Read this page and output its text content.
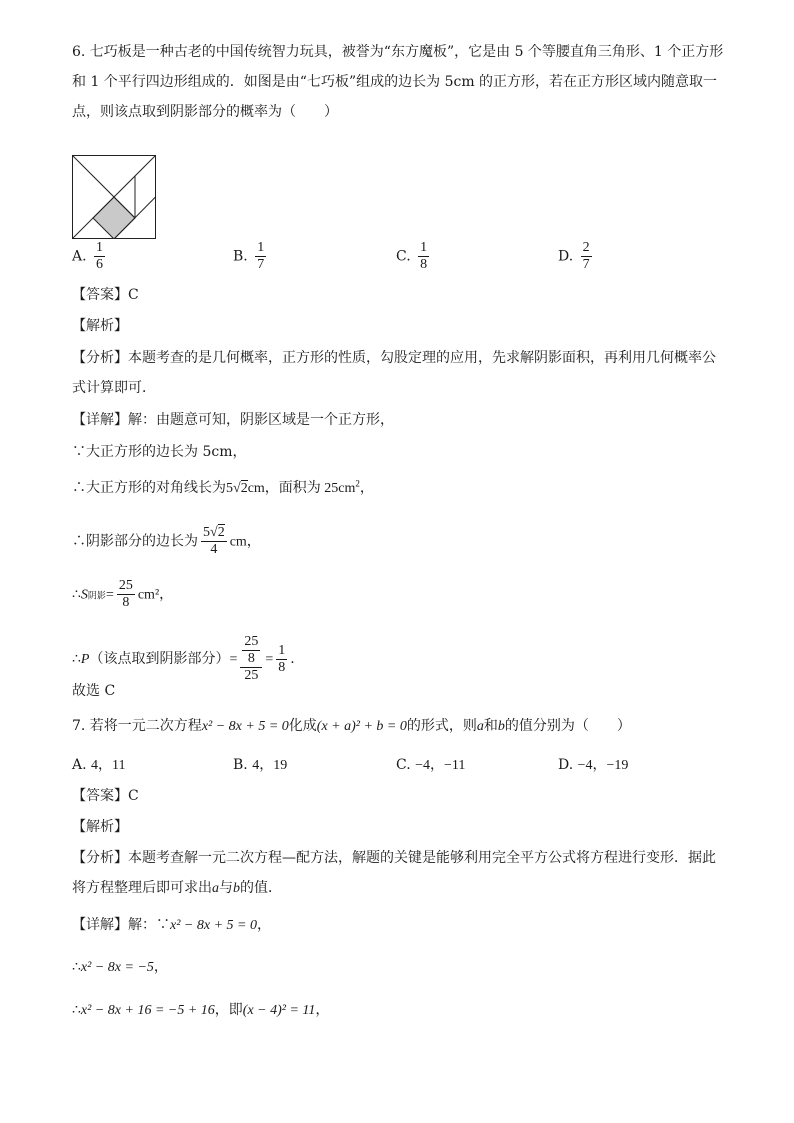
6. 七巧板是一种古老的中国传统智力玩具，被誉为“东方魔板”，它是由 5 个等腰直角三角形、1 个正方形
和 1 个平行四边形组成的．如图是由“七巧板”组成的边长为 5cm 的正方形，若在正方形区域内随意取一
点，则该点取到阴影部分的概率为（　　）
A. $\frac{1}{6}$	B. $\frac{1}{7}$	C. $\frac{1}{8}$	D. $\frac{2}{7}$
【答案】C
【解析】
【分析】本题考查的是几何概率，正方形的性质，勾股定理的应用，先求解阴影面积，再利用几何概率公
式计算即可．
【详解】解：由题意可知，阴影区域是一个正方形，
∵大正方形的边长为 5cm，
∴大正方形的对角线长为5√2cm，面积为 $25cm^2$，
∴阴影部分的边长为 $\frac{5√2}{4}$ cm，
∴S阴影= $\frac{25}{8} cm^2$，
∴P（该点取到阴影部分）= $\frac{\frac{25}{8}}{25} = \frac{1}{8}$ .
故选 C
7. 若将一元二次方程x² − 8x + 5 = 0化成(x + a)² + b = 0的形式，则a和b的值分别为（　　）
A. 4，11	B. 4，19	C. −4，−11	D. −4，−19
【答案】C
【解析】
【分析】本题考查解一元二次方程—配方法，解题的关键是能够利用完全平方公式将方程进行变形．据此
将方程整理后即可求出a与b的值．
【详解】解：∵x² − 8x + 5 = 0，
∴x² − 8x = −5，
∴x² − 8x + 16 = −5 + 16，即(x − 4)² = 11，
